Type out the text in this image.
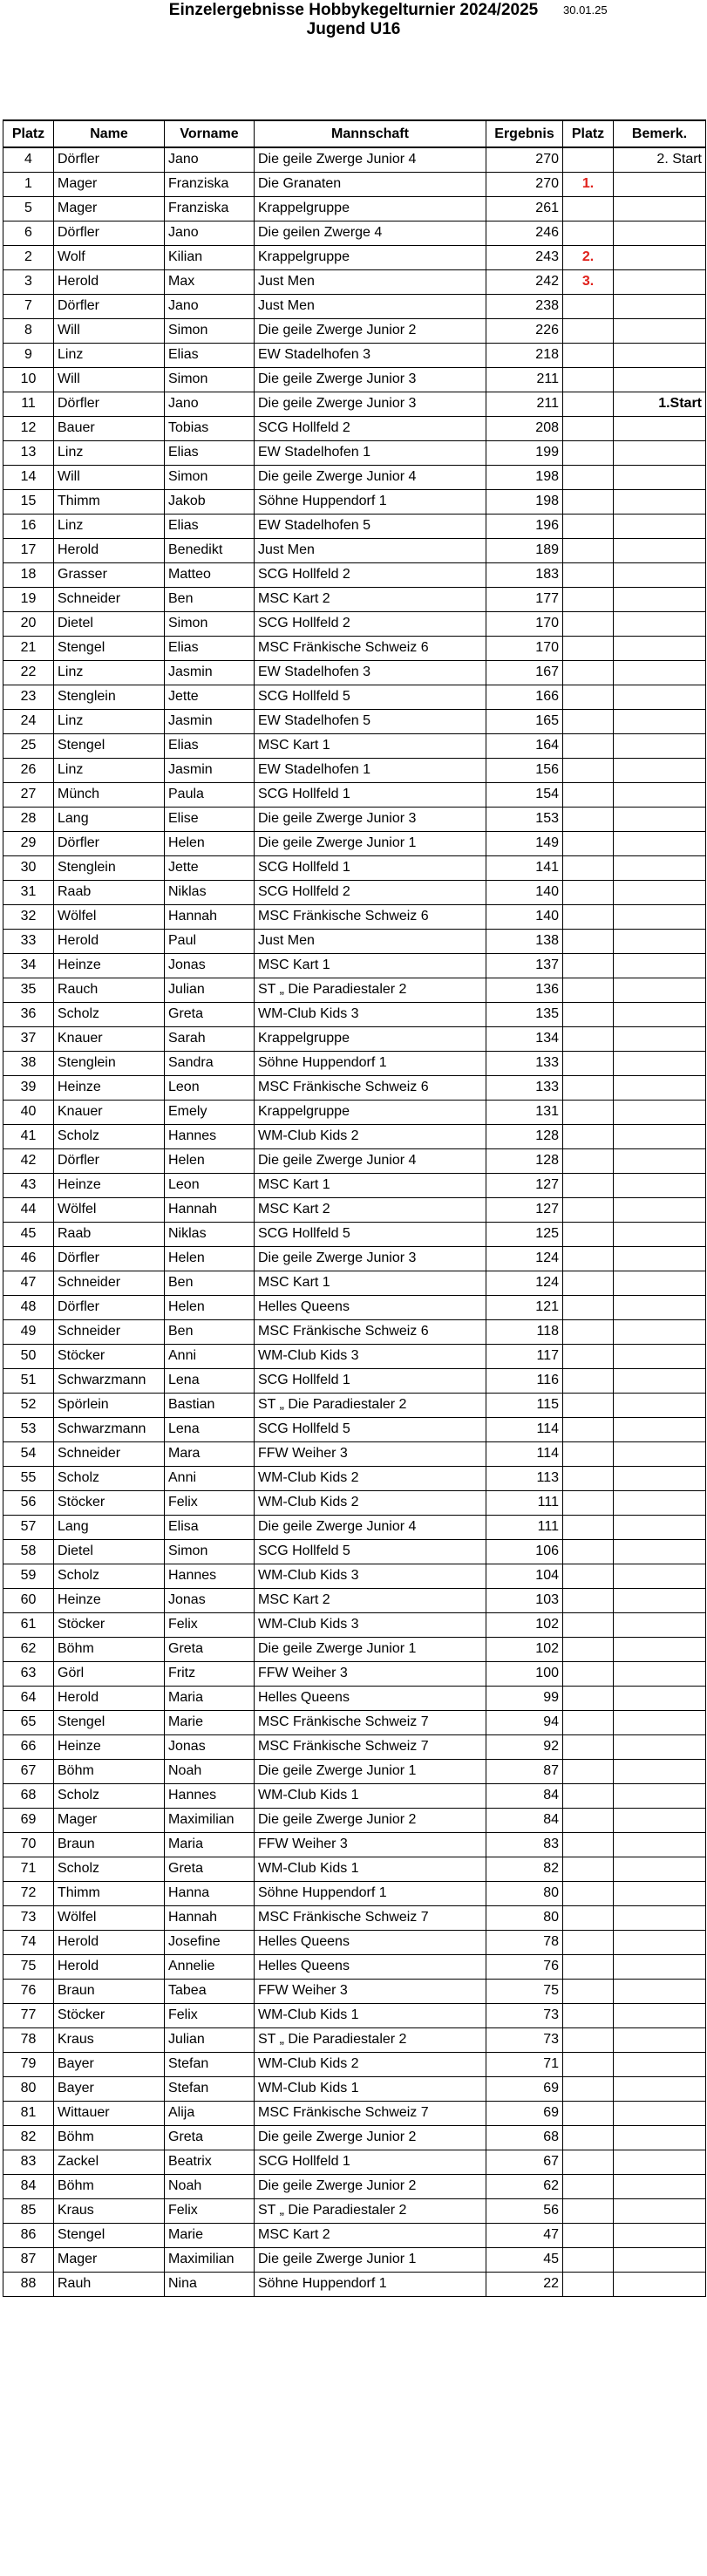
Einzelergebnisse Hobbykegelturnier 2024/2025
Jugend U16
30.01.25
Platz	Name	Vorname	Mannschaft	Ergebnis	Platz	Bemerk.
4	Dörfler	Jano	Die geile Zwerge Junior 4	270		2. Start
1	Mager	Franziska	Die Granaten	270	1.	
5	Mager	Franziska	Krappelgruppe	261		
6	Dörfler	Jano	Die geilen Zwerge 4	246		
2	Wolf	Kilian	Krappelgruppe	243	2.	
3	Herold	Max	Just Men	242	3.	
7	Dörfler	Jano	Just Men	238		
8	Will	Simon	Die geile Zwerge Junior 2	226		
9	Linz	Elias	EW Stadelhofen 3	218		
10	Will	Simon	Die geile Zwerge Junior 3	211		
11	Dörfler	Jano	Die geile Zwerge Junior 3	211		1.Start
12	Bauer	Tobias	SCG Hollfeld 2	208		
13	Linz	Elias	EW Stadelhofen 1	199		
14	Will	Simon	Die geile Zwerge Junior 4	198		
15	Thimm	Jakob	Söhne Huppendorf 1	198		
16	Linz	Elias	EW Stadelhofen 5	196		
17	Herold	Benedikt	Just Men	189		
18	Grasser	Matteo	SCG Hollfeld 2	183		
19	Schneider	Ben	MSC Kart 2	177		
20	Dietel	Simon	SCG Hollfeld 2	170		
21	Stengel	Elias	MSC Fränkische Schweiz 6	170		
22	Linz	Jasmin	EW Stadelhofen 3	167		
23	Stenglein	Jette	SCG Hollfeld 5	166		
24	Linz	Jasmin	EW Stadelhofen 5	165		
25	Stengel	Elias	MSC Kart 1	164		
26	Linz	Jasmin	EW Stadelhofen 1	156		
27	Münch	Paula	SCG Hollfeld 1	154		
28	Lang	Elise	Die geile Zwerge Junior 3	153		
29	Dörfler	Helen	Die geile Zwerge Junior 1	149		
30	Stenglein	Jette	SCG Hollfeld 1	141		
31	Raab	Niklas	SCG Hollfeld 2	140		
32	Wölfel	Hannah	MSC Fränkische Schweiz 6	140		
33	Herold	Paul	Just Men	138		
34	Heinze	Jonas	MSC Kart 1	137		
35	Rauch	Julian	ST „ Die Paradiestaler 2	136		
36	Scholz	Greta	WM-Club Kids 3	135		
37	Knauer	Sarah	Krappelgruppe	134		
38	Stenglein	Sandra	Söhne Huppendorf 1	133		
39	Heinze	Leon	MSC Fränkische Schweiz 6	133		
40	Knauer	Emely	Krappelgruppe	131		
41	Scholz	Hannes	WM-Club Kids 2	128		
42	Dörfler	Helen	Die geile Zwerge Junior 4	128		
43	Heinze	Leon	MSC Kart 1	127		
44	Wölfel	Hannah	MSC Kart 2	127		
45	Raab	Niklas	SCG Hollfeld 5	125		
46	Dörfler	Helen	Die geile Zwerge Junior 3	124		
47	Schneider	Ben	MSC Kart 1	124		
48	Dörfler	Helen	Helles Queens	121		
49	Schneider	Ben	MSC Fränkische Schweiz 6	118		
50	Stöcker	Anni	WM-Club Kids 3	117		
51	Schwarzmann	Lena	SCG Hollfeld 1	116		
52	Spörlein	Bastian	ST „ Die Paradiestaler 2	115		
53	Schwarzmann	Lena	SCG Hollfeld 5	114		
54	Schneider	Mara	FFW Weiher 3	114		
55	Scholz	Anni	WM-Club Kids 2	113		
56	Stöcker	Felix	WM-Club Kids 2	111		
57	Lang	Elisa	Die geile Zwerge Junior 4	111		
58	Dietel	Simon	SCG Hollfeld 5	106		
59	Scholz	Hannes	WM-Club Kids 3	104		
60	Heinze	Jonas	MSC Kart 2	103		
61	Stöcker	Felix	WM-Club Kids 3	102		
62	Böhm	Greta	Die geile Zwerge Junior 1	102		
63	Görl	Fritz	FFW Weiher 3	100		
64	Herold	Maria	Helles Queens	99		
65	Stengel	Marie	MSC Fränkische Schweiz 7	94		
66	Heinze	Jonas	MSC Fränkische Schweiz 7	92		
67	Böhm	Noah	Die geile Zwerge Junior 1	87		
68	Scholz	Hannes	WM-Club Kids 1	84		
69	Mager	Maximilian	Die geile Zwerge Junior 2	84		
70	Braun	Maria	FFW Weiher 3	83		
71	Scholz	Greta	WM-Club Kids 1	82		
72	Thimm	Hanna	Söhne Huppendorf 1	80		
73	Wölfel	Hannah	MSC Fränkische Schweiz 7	80		
74	Herold	Josefine	Helles Queens	78		
75	Herold	Annelie	Helles Queens	76		
76	Braun	Tabea	FFW Weiher 3	75		
77	Stöcker	Felix	WM-Club Kids 1	73		
78	Kraus	Julian	ST „ Die Paradiestaler 2	73		
79	Bayer	Stefan	WM-Club Kids 2	71		
80	Bayer	Stefan	WM-Club Kids 1	69		
81	Wittauer	Alija	MSC Fränkische Schweiz 7	69		
82	Böhm	Greta	Die geile Zwerge Junior 2	68		
83	Zackel	Beatrix	SCG Hollfeld 1	67		
84	Böhm	Noah	Die geile Zwerge Junior 2	62		
85	Kraus	Felix	ST „ Die Paradiestaler 2	56		
86	Stengel	Marie	MSC Kart 2	47		
87	Mager	Maximilian	Die geile Zwerge Junior 1	45		
88	Rauh	Nina	Söhne Huppendorf 1	22		
